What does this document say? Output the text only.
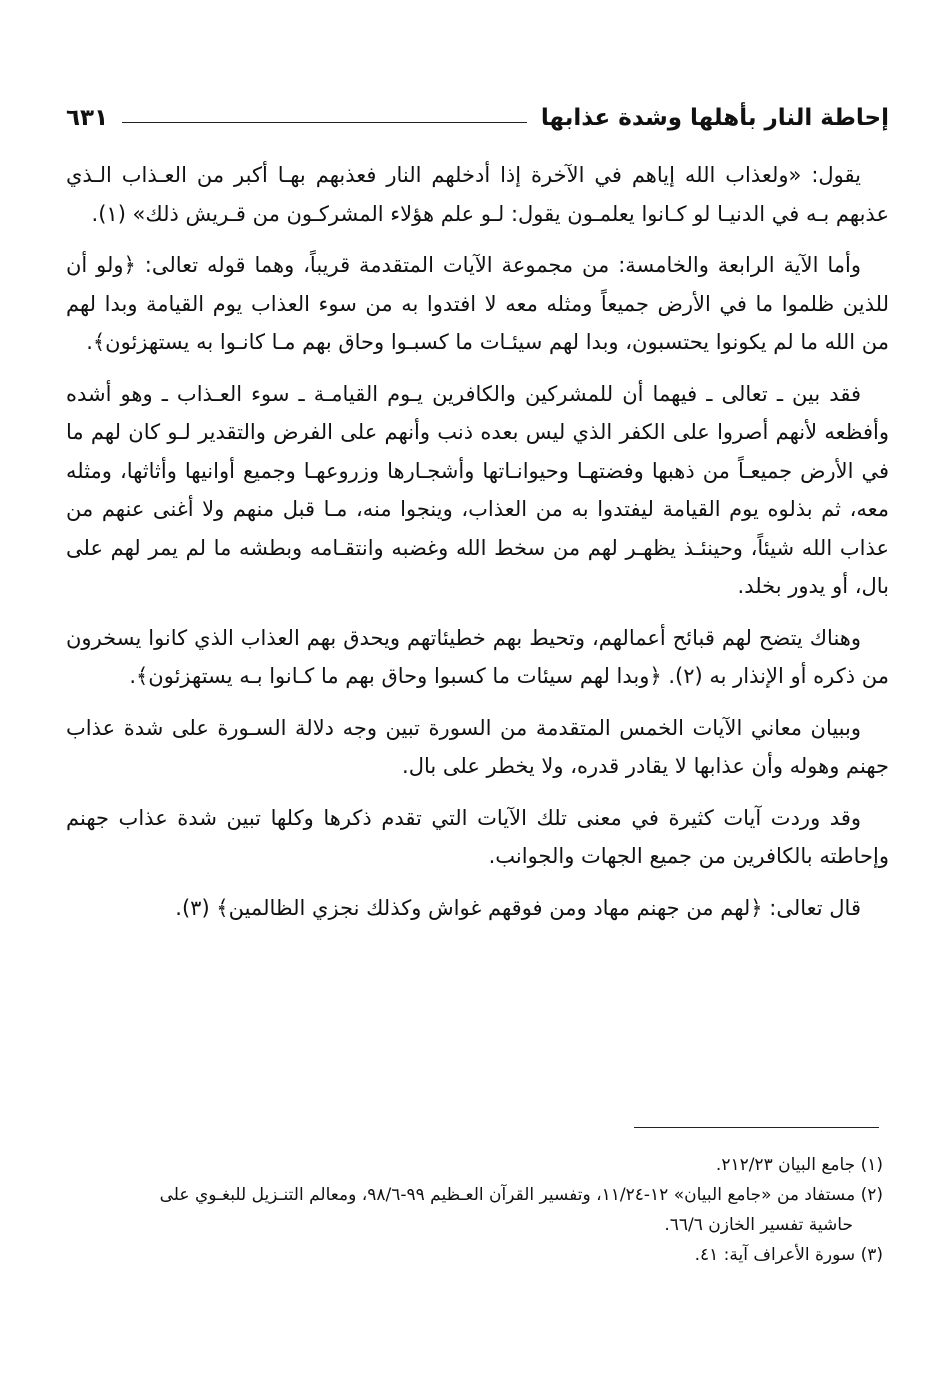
إحاطة النار بأهلها وشدة عذابها
٦٣١

يقول: «ولعذاب الله إياهم في الآخرة إذا أدخلهم النار فعذبهم بهـا أكبر من العـذاب الـذي عذبهم بـه في الدنيـا لو كـانوا يعلمـون يقول: لـو علم هؤلاء المشركـون من قـريش ذلك» (١).

وأما الآية الرابعة والخامسة: من مجموعة الآيات المتقدمة قريباً، وهما قوله تعالى: ﴿ولو أن للذين ظلموا ما في الأرض جميعاً ومثله معه لا افتدوا به من سوء العذاب يوم القيامة وبدا لهم من الله ما لم يكونوا يحتسبون، وبدا لهم سيئـات ما كسبـوا وحاق بهم مـا كانـوا به يستهزئون﴾.

فقد بين ـ تعالى ـ فيهما أن للمشركين والكافرين يـوم القيامـة ـ سوء العـذاب ـ وهو أشده وأفظعه لأنهم أصروا على الكفر الذي ليس بعده ذنب وأنهم على الفرض والتقدير لـو كان لهم ما في الأرض جميعـاً من ذهبها وفضتهـا وحيوانـاتها وأشجـارها وزروعهـا وجميع أوانيها وأثاثها، ومثله معه، ثم بذلوه يوم القيامة ليفتدوا به من العذاب، وينجوا منه، مـا قبل منهم ولا أغنى عنهم من عذاب الله شيئاً، وحينئـذ يظهـر لهم من سخط الله وغضبه وانتقـامه وبطشه ما لم يمر لهم على بال، أو يدور بخلد.

وهناك يتضح لهم قبائح أعمالهم، وتحيط بهم خطيئاتهم ويحدق بهم العذاب الذي كانوا يسخرون من ذكره أو الإنذار به (٢). ﴿وبدا لهم سيئات ما كسبوا وحاق بهم ما كـانوا بـه يستهزئون﴾.

وببيان معاني الآيات الخمس المتقدمة من السورة تبين وجه دلالة السـورة على شدة عذاب جهنم وهوله وأن عذابها لا يقادر قدره، ولا يخطر على بال.

وقد وردت آيات كثيرة في معنى تلك الآيات التي تقدم ذكرها وكلها تبين شدة عذاب جهنم وإحاطته بالكافرين من جميع الجهات والجوانب.

قال تعالى: ﴿لهم من جهنم مهاد ومن فوقهم غواش وكذلك نجزي الظالمين﴾ (٣).

(١) جامع البيان ٢١٢/٢٣.

(٢) مستفاد من «جامع البيان» ١٢-١١/٢٤، وتفسير القرآن العـظيم ٩٩-٩٨/٦، ومعالم التنـزيل للبغـوي على

حاشية تفسير الخازن ٦٦/٦.

(٣) سورة الأعراف آية: ٤١.
